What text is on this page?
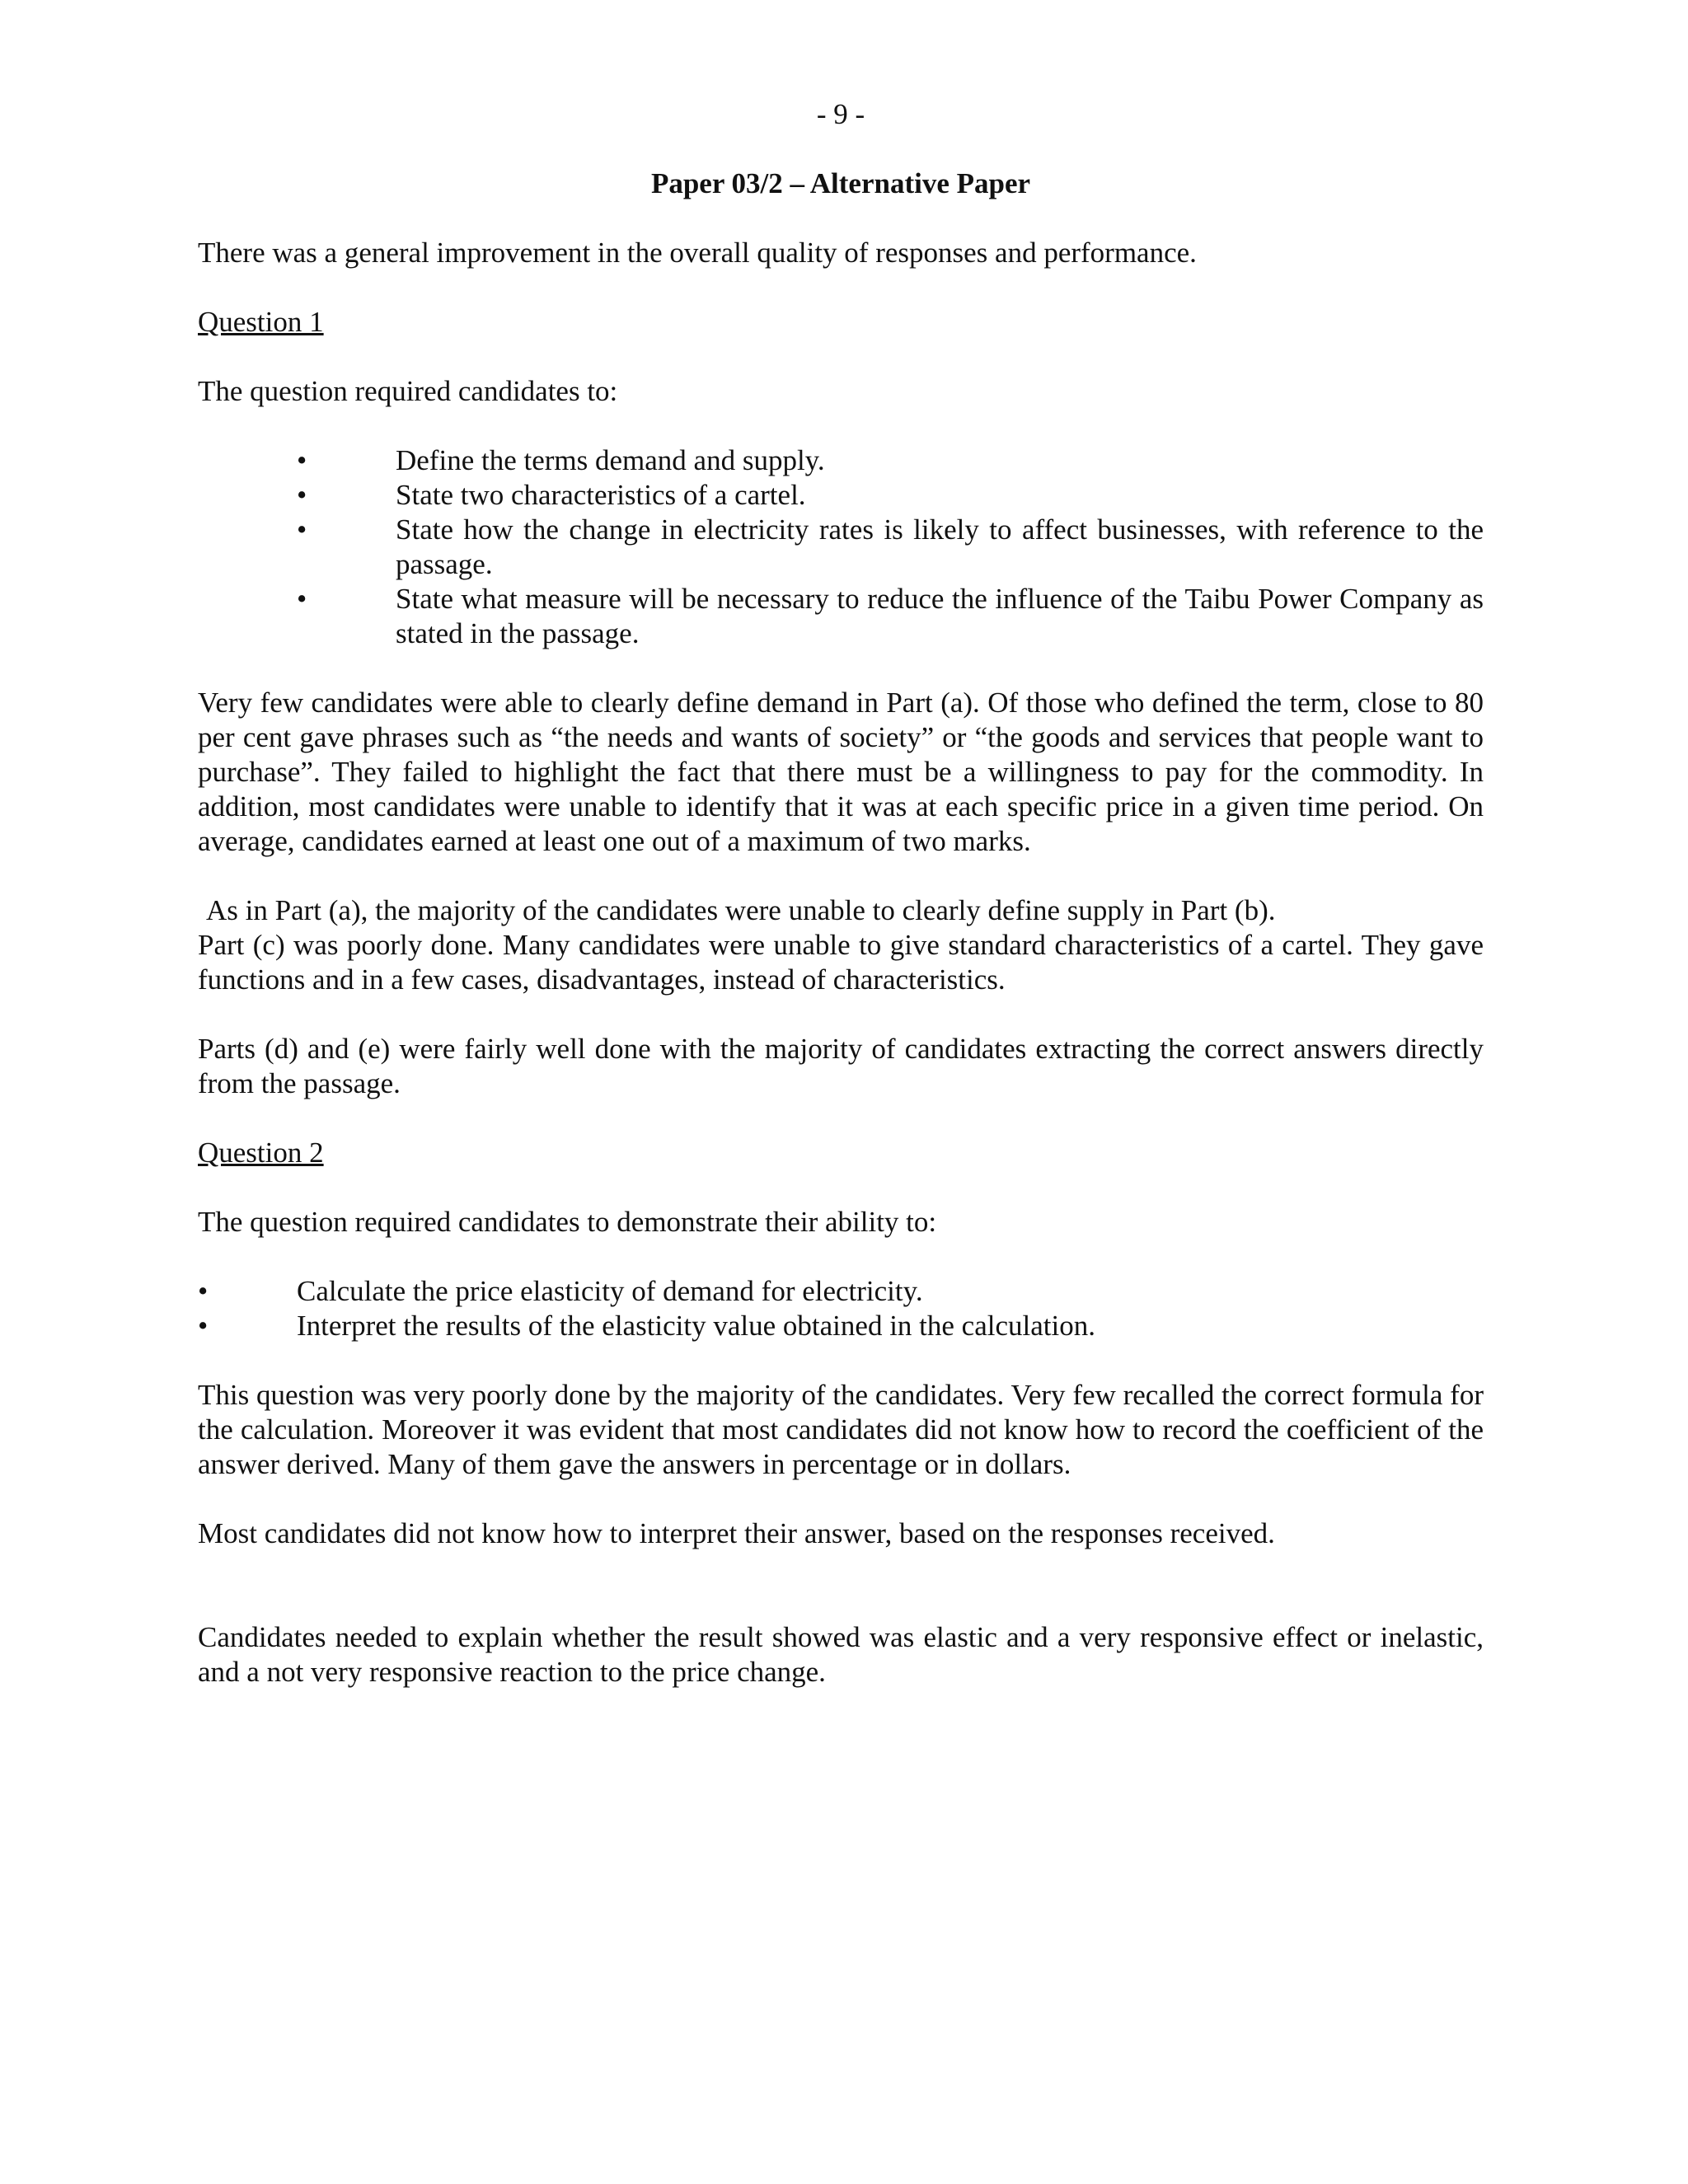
- 9 -
Paper 03/2 – Alternative Paper

There was a general improvement in the overall quality of responses and performance.

Question 1

The question required candidates to:

•	Define the terms demand and supply.
•	State two characteristics of a cartel.
•	State how the change in electricity rates is likely to affect businesses, with reference to the passage.
•	State what measure will be necessary to reduce the influence of the Taibu Power Company as stated in the passage.

Very few candidates were able to clearly define demand in Part (a). Of those who defined the term, close to 80 per cent gave phrases such as “the needs and wants of society” or “the goods and services that people want to purchase”. They failed to highlight the fact that there must be a willingness to pay for the commodity. In addition, most candidates were unable to identify that it was at each specific price in a given time period. On average, candidates earned at least one out of a maximum of two marks.

As in Part (a), the majority of the candidates were unable to clearly define supply in Part (b).

Part (c) was poorly done. Many candidates were unable to give standard characteristics of a cartel. They gave functions and in a few cases, disadvantages, instead of characteristics.

Parts (d) and (e) were fairly well done with the majority of candidates extracting the correct answers directly from the passage.

Question 2

The question required candidates to demonstrate their ability to:

•	Calculate the price elasticity of demand for electricity.
•	Interpret the results of the elasticity value obtained in the calculation.

This question was very poorly done by the majority of the candidates. Very few recalled the correct formula for the calculation. Moreover it was evident that most candidates did not know how to record the coefficient of the answer derived. Many of them gave the answers in percentage or in dollars.

Most candidates did not know how to interpret their answer, based on the responses received.

Candidates needed to explain whether the result showed was elastic and a very responsive effect or inelastic, and a not very responsive reaction to the price change.
